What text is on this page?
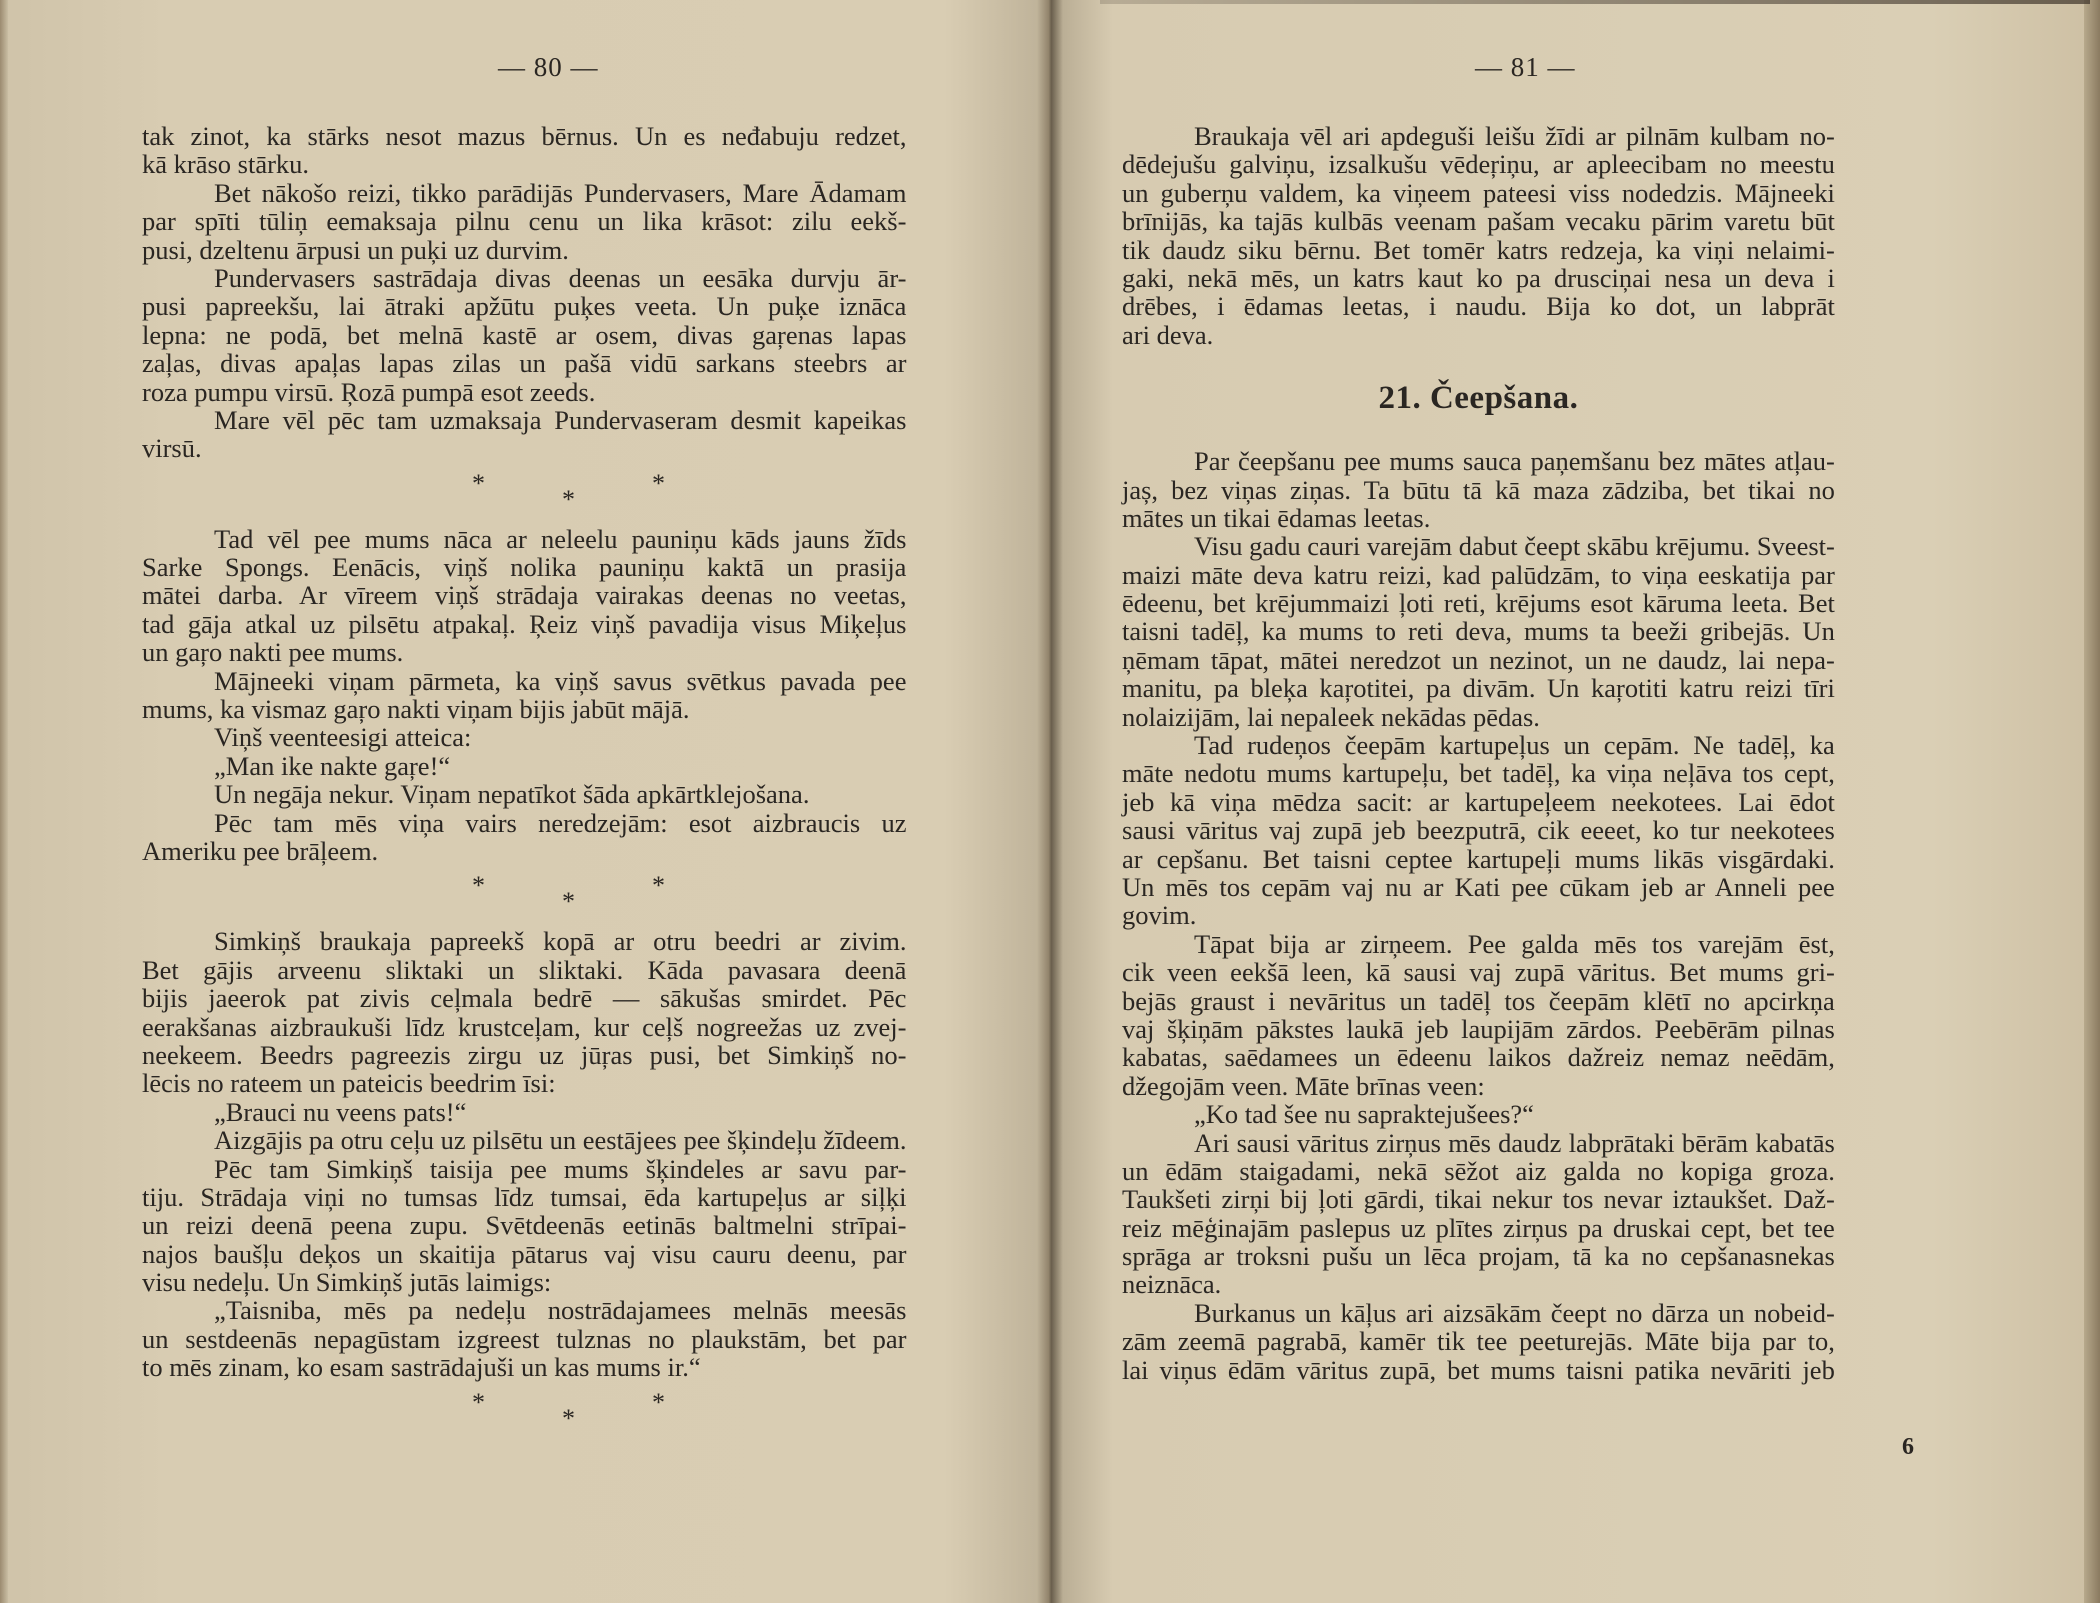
— 80 —	— 81 —
tak zinot, ka stārks nesot mazus bērnus. Un es neđabuju redzet,
kā krāso stārku.
Bet nākošo reizi, tikko parādijās Pundervasers, Mare Ādamam
par spīti tūliņ eemaksaja pilnu cenu un lika krāsot: zilu eekš-
pusi, dzeltenu ārpusi un puķi uz durvim.
Pundervasers sastrādaja divas deenas un eesāka durvju ār-
pusi papreekšu, lai ātraki apžūtu puķes veeta. Un puķe iznāca
lepna: ne podā, bet melnā kastē ar osem, divas gaŗenas lapas
zaļas, divas apaļas lapas zilas un pašā vidū sarkans steebrs ar
roza pumpu virsū. Ŗozā pumpā esot zeeds.
Mare vēl pēc tam uzmaksaja Pundervaseram desmit kapeikas
virsū.
*
*
*
Tad vēl pee mums nāca ar neleelu pauniņu kāds jauns žīds
Sarke Spongs. Eenācis, viņš nolika pauniņu kaktā un prasija
mātei darba. Ar vīreem viņš strādaja vairakas deenas no veetas,
tad gāja atkal uz pilsētu atpakaļ. Ŗeiz viņš pavadija visus Miķeļus
un gaŗo nakti pee mums.
Mājneeki viņam pārmeta, ka viņš savus svētkus pavada pee
mums, ka vismaz gaŗo nakti viņam bijis jabūt mājā.
Viņš veenteesigi atteica:
„Man ike nakte gaŗe!“
Un negāja nekur. Viņam nepatīkot šāda apkārtklejošana.
Pēc tam mēs viņa vairs neredzejām: esot aizbraucis uz
Ameriku pee brāļeem.
*
*
*
Simkiņš braukaja papreekš kopā ar otru beedri ar zivim.
Bet gājis arveenu sliktaki un sliktaki. Kāda pavasara deenā
bijis jaeerok pat zivis ceļmala bedrē — sākušas smirdet. Pēc
eerakšanas aizbraukuši līdz krustceļam, kur ceļš nogreežas uz zvej-
neekeem. Beedrs pagreezis zirgu uz jūŗas pusi, bet Simkiņš no-
lēcis no rateem un pateicis beedrim īsi:
„Brauci nu veens pats!“
Aizgājis pa otru ceļu uz pilsētu un eestājees pee šķindeļu žīdeem.
Pēc tam Simkiņš taisija pee mums šķindeles ar savu par-
tiju. Strādaja viņi no tumsas līdz tumsai, ēda kartupeļus ar siļķi
un reizi deenā peena zupu. Svētdeenās eetinās baltmelni strīpai-
najos baušļu deķos un skaitija pātarus vaj visu cauru deenu, par
visu nedeļu. Un Simkiņš jutās laimigs:
„Taisniba, mēs pa nedeļu nostrādajamees melnās meesās
un sestdeenās nepagūstam izgreest tulznas no plaukstām, bet par
to mēs zinam, ko esam sastrādajuši un kas mums ir.“
*
*
*
Braukaja vēl ari apdeguši leišu žīdi ar pilnām kulbam no-
dēdejušu galviņu, izsalkušu vēdeŗiņu, ar apleecibam no meestu
un guberņu valdem, ka viņeem pateesi viss nodedzis. Mājneeki
brīnijās, ka tajās kulbās veenam pašam vecaku pārim varetu būt
tik daudz siku bērnu. Bet tomēr katrs redzeja, ka viņi nelaimi-
gaki, nekā mēs, un katrs kaut ko pa drusciņai nesa un deva i
drēbes, i ēdamas leetas, i naudu. Bija ko dot, un labprāt
ari deva.
21. Čeepšana.
Par čeepšanu pee mums sauca paņemšanu bez mātes atļau-
jaș, bez viņas ziņas. Ta būtu tā kā maza zādziba, bet tikai no
mātes un tikai ēdamas leetas.
Visu gadu cauri varejām dabut čeept skābu krējumu. Sveest-
maizi māte deva katru reizi, kad palūdzām, to viņa eeskatija par
ēdeenu, bet krējummaizi ļoti reti, krējums esot kāruma leeta. Bet
taisni tadēļ, ka mums to reti deva, mums ta beeži gribejās. Un
ņēmam tāpat, mātei neredzot un nezinot, un ne daudz, lai nepa-
manitu, pa bleķa kaŗotitei, pa divām. Un kaŗotiti katru reizi tīri
nolaizijām, lai nepaleek nekādas pēdas.
Tad rudeņos čeepām kartupeļus un cepām. Ne tadēļ, ka
māte nedotu mums kartupeļu, bet tadēļ, ka viņa neļāva tos cept,
jeb kā viņa mēdza sacit: ar kartupeļeem neekotees. Lai ēdot
sausi vāritus vaj zupā jeb beezputrā, cik eeeet, ko tur neekotees
ar cepšanu. Bet taisni ceptee kartupeļi mums likās visgārdaki.
Un mēs tos cepām vaj nu ar Kati pee cūkam jeb ar Anneli pee
govim.
Tāpat bija ar zirņeem. Pee galda mēs tos varejām ēst,
cik veen eekšā leen, kā sausi vaj zupā vāritus. Bet mums gri-
bejās graust i nevāritus un tadēļ tos čeepām klētī no apcirkņa
vaj šķiņām pākstes laukā jeb laupijām zārdos. Peebērām pilnas
kabatas, saēdamees un ēdeenu laikos dažreiz nemaz neēdām,
džegojām veen. Māte brīnas veen:
„Ko tad šee nu sapraktejušees?“
Ari sausi vāritus zirņus mēs daudz labprātaki bērām kabatās
un ēdām staigadami, nekā sēžot aiz galda no kopiga groza.
Taukšeti zirņi bij ļoti gārdi, tikai nekur tos nevar iztaukšet. Dаž-
reiz mēģinajām paslepus uz plītes zirņus pa druskai cept, bet tee
sprāga ar troksni pušu un lēca projam, tā ka no cepšanasnekas
neiznāca.
Burkanus un kāļus ari aizsākām čeept no dārza un nobeid-
zām zeemā pagrabā, kamēr tik tee peeturejās. Māte bija par to,
lai viņus ēdām vāritus zupā, bet mums taisni patika nevāriti jeb
6
